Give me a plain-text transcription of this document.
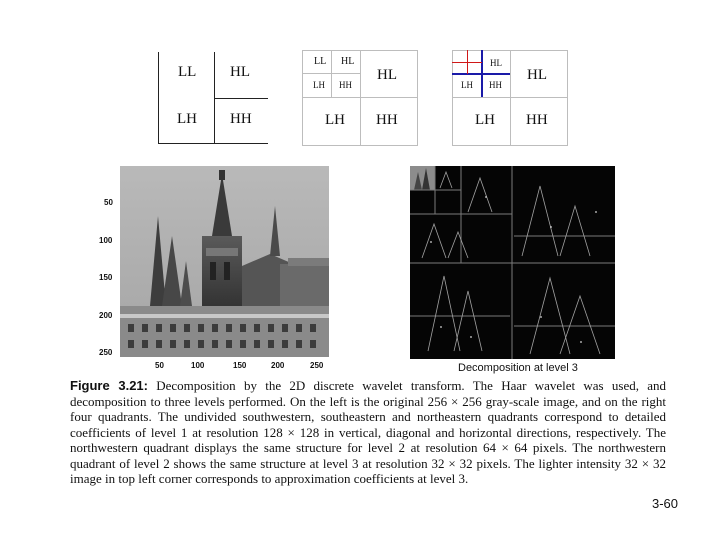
LL HL
LH HH
LL HL
LH HH
HL
LH HH
HL
LH HH
HL
LH HH
50
100
150
200
250
50	100	150	200	250	Decomposition at level 3
Figure 3.21: Decomposition by the 2D discrete wavelet transform. The Haar wavelet was used, and decomposition to three levels performed. On the left is the original 256 × 256 gray-scale image, and on the right four quadrants. The undivided southwestern, southeastern and northeastern quadrants correspond to detailed coefficients of level 1 at resolution 128 × 128 in vertical, diagonal and horizontal directions, respectively. The northwestern quadrant displays the same structure for level 2 at resolution 64 × 64 pixels. The northwestern quadrant of level 2 shows the same structure at level 3 at resolution 32 × 32 pixels. The lighter intensity 32 × 32 image in top left corner corresponds to approximation coefficients at level 3.
3-60
